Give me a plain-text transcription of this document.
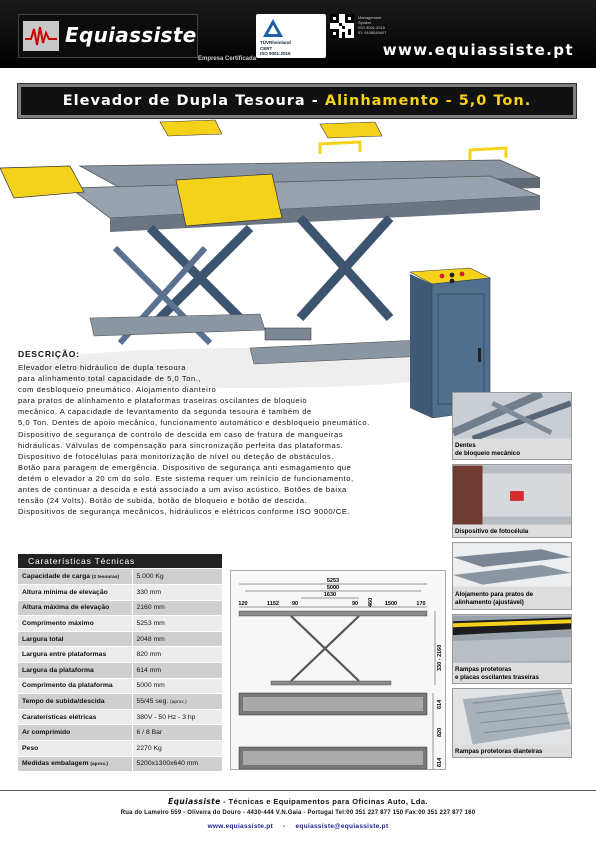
Equiassiste
Empresa Certificada
TÜVRheinland
CERT
ISO 9001:2015
Management
System
ISO 9001:2015
ID: 9108049407
www.equiassiste.pt
Elevador de Dupla Tesoura - Alinhamento - 5,0 Ton.
DESCRIÇÃO:
Elevador eletro hidráulico de dupla tesoura
para alinhamento total capacidade de 5,0 Ton.,
com desbloqueio pneumático. Alojamento dianteiro
para pratos de alinhamento e plataformas traseiras oscilantes de bloqueio
mecânico. A capacidade de levantamento da segunda tesoura é também de
5,0 Ton. Dentes de apoio mecânico, funcionamento automático e desbloqueio pneumático.
Dispositivo de segurança de controlo de descida em caso de fratura de mangueiras
hidráulicas. Válvulas de compensação para sincronização perfeita das plataformas.
Dispositivo de fotocélulas para monitorização de nível ou deteção de obstáculos.
Botão para paragem de emergência. Dispositivo de segurança anti esmagamento que
detém o elevador a 20 cm do solo. Este sistema requer um reinício de funcionamento,
antes de continuar a descida e está associado a um aviso acústico. Botões de baixa
tensão (24 Volts). Botão de subida, botão de bloqueio e botão de descida.
Dispositivos de segurança mecânicos, hidráulicos e elétricos conforme ISO 9000/CE.
Dentes
de bloqueio mecânico
Dispositivo de fotocélula
Alojamento para pratos de
alinhamento (ajustável)
Rampas protetoras
e placas oscilantes traseiras
Rampas protetoras dianteiras
Caraterísticas Técnicas
Capacidade de carga (2 tesouras)	5.000 Kg
Altura mínima de elevação	330 mm
Altura máxima de elevação	2160 mm
Comprimento máximo	5253 mm
Largura total	2048 mm
Largura entre plataformas	820 mm
Largura da plataforma	614 mm
Comprimento da plataforma	5000 mm
Tempo de subida/descida	55/45 seg. (aprox.)
Caraterísticas elétricas	380V - 50 Hz - 3 hp
Ar comprimido	6 / 8 Bar
Peso	2270 Kg
Medidas embalagem (aprox.)	5200x1300x640 mm
5253
5000
1630
120	1152 90	90	1500	170
460
330 - 2160
614
820
614
Equiassiste - Técnicas e Equipamentos para Oficinas Auto, Lda.
Rua do Lameiro 559 - Oliveira do Douro - 4430-444 V.N.Gaia - Portugal Tel:00 351 227 877 150 Fax:00 351 227 877 160
www.equiassiste.pt - equiassiste@equiassiste.pt
